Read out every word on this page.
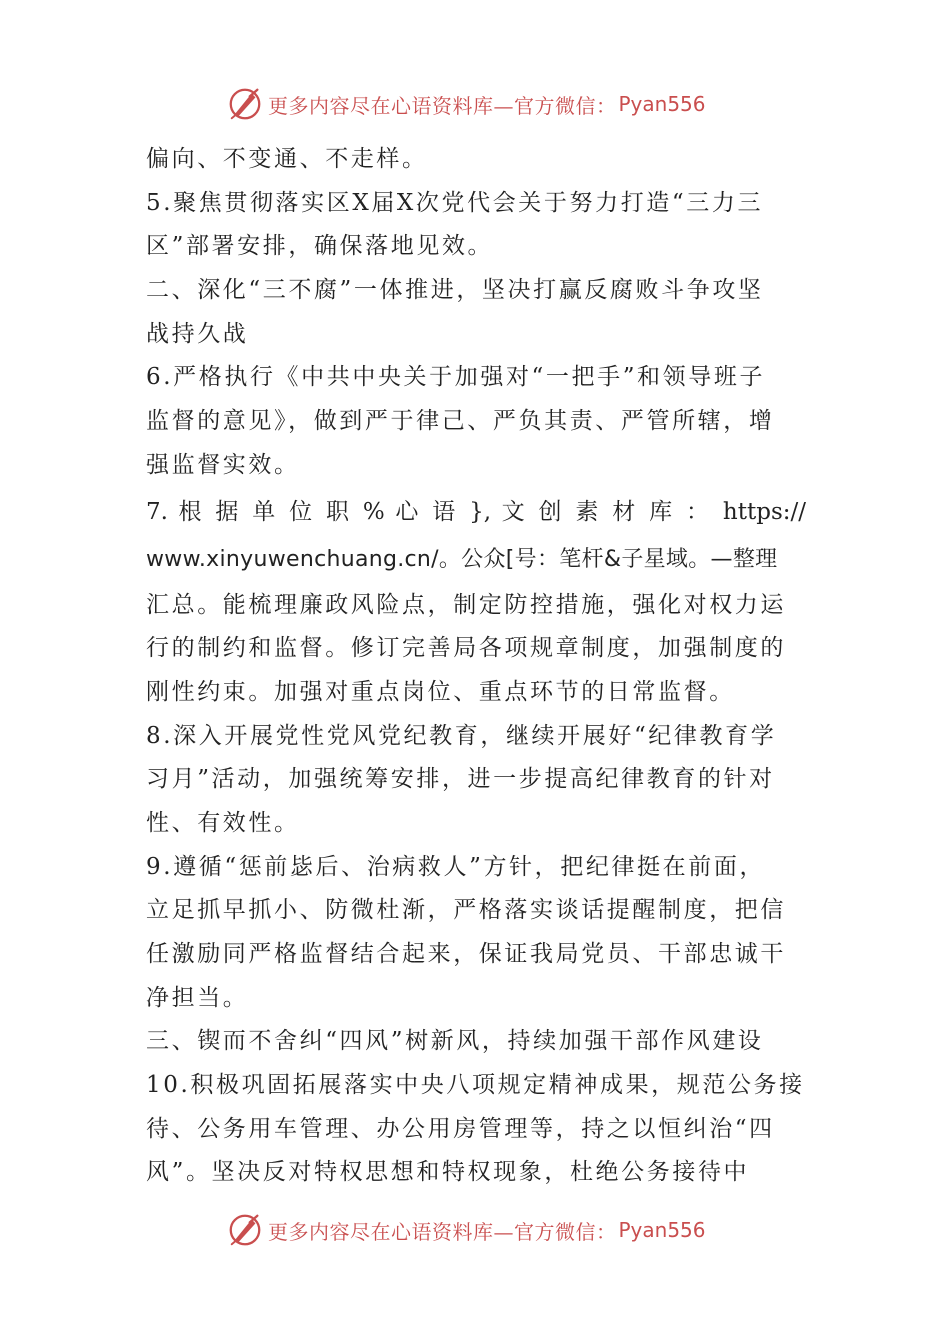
更多内容尽在心语资料库—官方微信： Pyan556
偏向、不变通、不走样。
5.聚焦贯彻落实区X届X次党代会关于努力打造“三力三
区”部署安排，确保落地见效。
二、深化“三不腐”一体推进，坚决打赢反腐败斗争攻坚
战持久战
6.严格执行《中共中央关于加强对“一把手”和领导班子
监督的意见》，做到严于律己、严负其责、严管所辖，增
强监督实效。
7. 根 据 单 位 职 % 心 语 }, 文 创 素 材 库 ： https://
www.xinyuwenchuang.cn/。公众[号：笔杆&子星域。—整理
汇总。能梳理廉政风险点，制定防控措施，强化对权力运
行的制约和监督。修订完善局各项规章制度，加强制度的
刚性约束。加强对重点岗位、重点环节的日常监督。
8.深入开展党性党风党纪教育，继续开展好“纪律教育学
习月”活动，加强统筹安排，进一步提高纪律教育的针对
性、有效性。
9.遵循“惩前毖后、治病救人”方针，把纪律挺在前面，
立足抓早抓小、防微杜渐，严格落实谈话提醒制度，把信
任激励同严格监督结合起来，保证我局党员、干部忠诚干
净担当。
三、锲而不舍纠“四风”树新风，持续加强干部作风建设
10.积极巩固拓展落实中央八项规定精神成果，规范公务接
待、公务用车管理、办公用房管理等，持之以恒纠治“四
风”。坚决反对特权思想和特权现象，杜绝公务接待中
更多内容尽在心语资料库—官方微信： Pyan556
